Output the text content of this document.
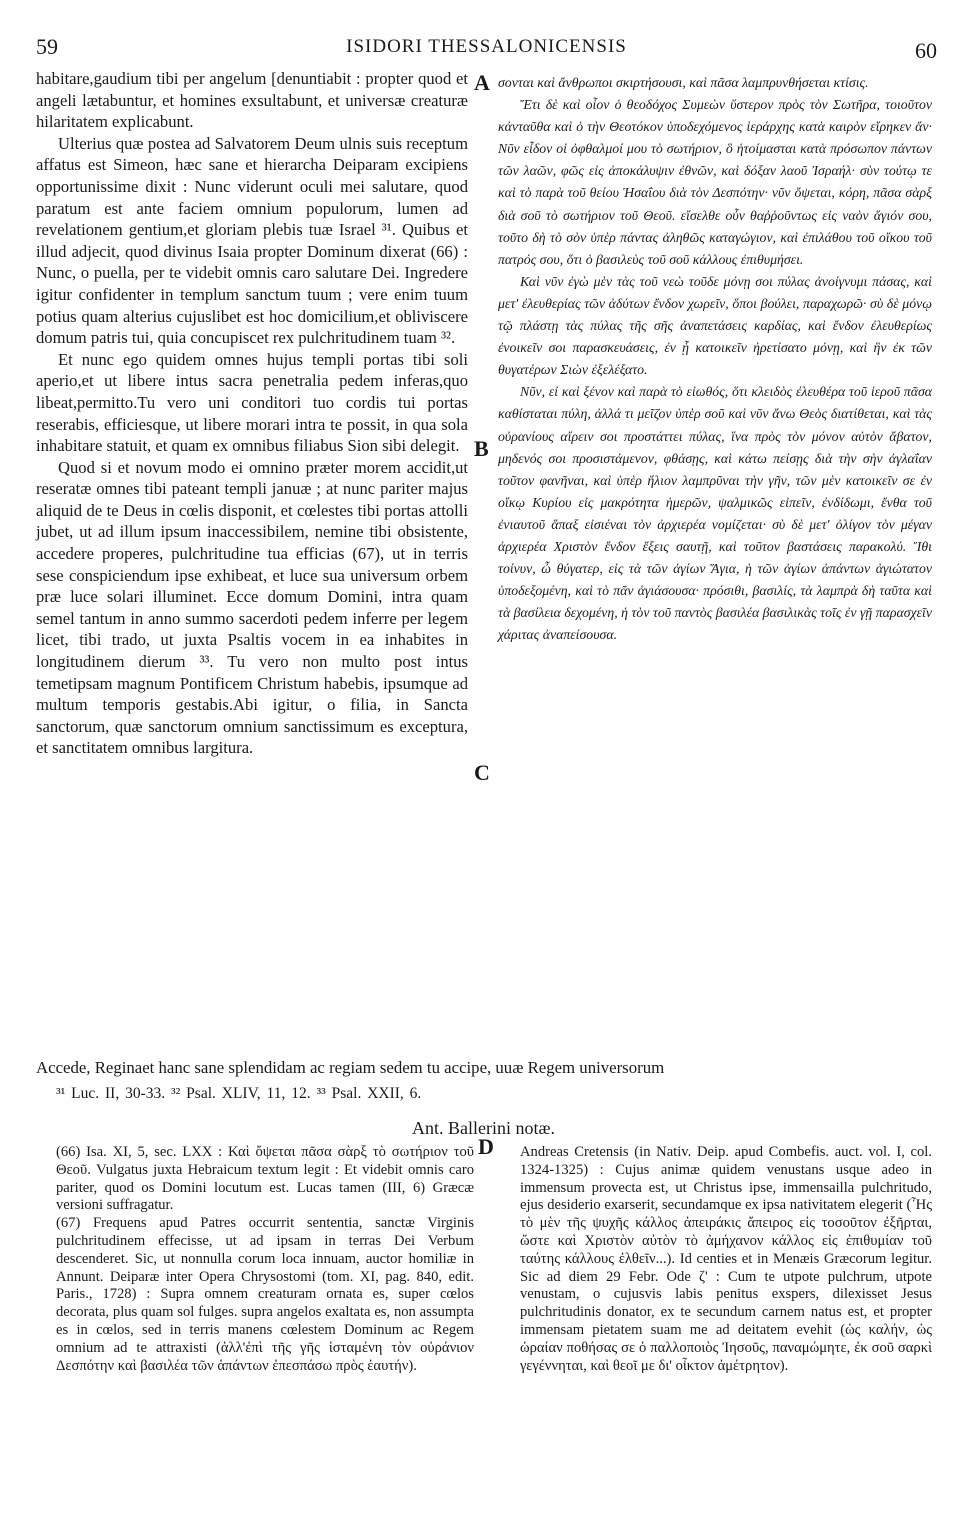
59	ISIDORI THESSALONICENSIS	60

habitare,gaudium tibi per angelum [denuntiabit : propter quod et angeli lætabuntur, et homines exsultabunt, et universæ creaturæ hilaritatem explicabunt.

Ulterius quæ postea ad Salvatorem Deum ulnis suis receptum affatus est Simeon, hæc sane et hierarcha Deiparam excipiens opportunissime dixit : Nunc viderunt oculi mei salutare, quod paratum est ante faciem omnium populorum, lumen ad revelationem gentium,et gloriam plebis tuæ Israel ³¹. Quibus et illud adjecit, quod divinus Isaia propter Dominum dixerat (66) : Nunc, o puella, per te videbit omnis caro salutare Dei. Ingredere igitur confidenter in templum sanctum tuum ; vere enim tuum potius quam alterius cujuslibet est hoc domicilium,et obliviscere domum patris tui, quia concupiscet rex pulchritudinem tuam ³².

Et nunc ego quidem omnes hujus templi portas tibi soli aperio,et ut libere intus sacra penetralia pedem inferas,quo libeat,permitto.Tu vero uni conditori tuo cordis tui portas reserabis, efficiesque, ut libere morari intra te possit, in qua sola inhabitare statuit, et quam ex omnibus filiabus Sion sibi delegit.

Quod si et novum modo ei omnino præter morem accidit,ut reseratæ omnes tibi pateant templi januæ ; at nunc pariter majus aliquid de te Deus in cœlis disponit, et cœlestes tibi portas attolli jubet, ut ad illum ipsum inaccessibilem, nemine tibi obsistente, accedere properes, pulchritudine tua efficias (67), ut in terris sese conspiciendum ipse exhibeat, et luce sua universum orbem præ luce solari illuminet. Ecce domum Domini, intra quam semel tantum in anno summo sacerdoti pedem inferre per legem licet, tibi trado, ut juxta Psaltis vocem in ea inhabites in longitudinem dierum ³³. Tu vero non multo post intus temetipsam magnum Pontificem Christum habebis, ipsumque ad multum temporis gestabis.Abi igitur, o filia, in Sancta sanctorum, quæ sanctorum omnium sanctissimum es exceptura, et sanctitatem omnibus largitura.

σονται καὶ ἄνθρωποι σκιρτήσουσι, καὶ πᾶσα λαμπρυνθήσεται κτίσις.

Ἔτι δὲ καὶ οἷον ὁ θεοδόχος Συμεὼν ὕστερον πρὸς τὸν Σωτῆρα, τοιοῦτον κἀνταῦθα καὶ ὁ τὴν Θεοτόκον ὑποδεχόμενος ἱεράρχης κατὰ καιρὸν εἴρηκεν ἄν· Νῦν εἶδον οἱ ὀφθαλμοί μου τὸ σωτήριον, ὃ ἡτοίμασται κατὰ πρόσωπον πάντων τῶν λαῶν, φῶς εἰς ἀποκάλυψιν ἐθνῶν, καὶ δόξαν λαοῦ Ἰσραήλ· σὺν τούτῳ τε καὶ τὸ παρὰ τοῦ θείου Ἡσαΐου διὰ τὸν Δεσπότην· νῦν ὄψεται, κόρη, πᾶσα σὰρξ διὰ σοῦ τὸ σωτήριον τοῦ Θεοῦ. εἴσελθε οὖν θαῤῥοῦντως εἰς ναὸν ἅγιόν σου, τοῦτο δὴ τὸ σὸν ὑπὲρ πάντας ἀληθῶς καταγώγιον, καὶ ἐπιλάθου τοῦ οἴκου τοῦ πατρός σου, ὅτι ὁ βασιλεὺς τοῦ σοῦ κάλλους ἐπιθυμήσει.

Καὶ νῦν ἐγὼ μὲν τὰς τοῦ νεὼ τοῦδε μόνῃ σοι πύλας ἀνοίγνυμι πάσας, καὶ μετ' ἐλευθερίας τῶν ἀδύτων ἔνδον χωρεῖν, ὅποι βούλει, παραχωρῶ· σὺ δὲ μόνῳ τῷ πλάστῃ τὰς πύλας τῆς σῆς ἀναπετάσεις καρδίας, καὶ ἔνδον ἐλευθερίως ἐνοικεῖν σοι παρασκευάσεις, ἐν ᾗ κατοικεῖν ἠρετίσατο μόνῃ, καὶ ἣν ἐκ τῶν θυγατέρων Σιὼν ἐξελέξατο.

Νῦν, εἰ καὶ ξένον καὶ παρὰ τὸ εἰωθός, ὅτι κλειδὸς ἐλευθέρα τοῦ ἱεροῦ πᾶσα καθίσταται πύλη, ἀλλά τι μεῖζον ὑπὲρ σοῦ καὶ νῦν ἄνω Θεὸς διατίθεται, καὶ τὰς οὐρανίους αἴρειν σοι προστάττει πύλας, ἵνα πρὸς τὸν μόνον αὐτὸν ἄβατον, μηδενός σοι προσιστάμενον, φθάσῃς, καὶ κάτω πείσῃς διὰ τὴν σὴν ἀγλαΐαν τοῦτον φανῆναι, καὶ ὑπὲρ ἥλιον λαμπρῦναι τὴν γῆν, τῶν μὲν κατοικεῖν σε ἐν οἴκῳ Κυρίου εἰς μακρότητα ἡμερῶν, ψαλμικῶς εἰπεῖν, ἐνδίδωμι, ἔνθα τοῦ ἐνιαυτοῦ ἅπαξ εἰσιέναι τὸν ἀρχιερέα νομίζεται· σὺ δὲ μετ' ὀλίγον τὸν μέγαν ἀρχιερέα Χριστὸν ἔνδον ἕξεις σαυτῇ, καὶ τοῦτον βαστάσεις παρακολύ. Ἴθι τοίνυν, ὦ θύγατερ, εἰς τὰ τῶν ἁγίων Ἅγια, ἡ τῶν ἁγίων ἁπάντων ἁγιώτατον ὑποδεξομένη, καὶ τὸ πᾶν ἁγιάσουσα· πρόσιθι, βασιλίς, τὰ λαμπρὰ δὴ ταῦτα καὶ τὰ βασίλεια δεχομένη, ἡ τὸν τοῦ παντὸς βασιλέα βασιλικὰς τοῖς ἐν γῇ παρασχεῖν χάριτας ἀναπείσουσα.

A
B
C
D
Accede, Reginaet hanc sane splendidam ac regiam sedem tu accipe, uuæ Regem universorum
³¹ Luc. II, 30-33. ³² Psal. XLIV, 11, 12. ³³ Psal. XXII, 6.
Ant. Ballerini notæ.

(66) Isa. XI, 5, sec. LXX : Καὶ ὄψεται πᾶσα σὰρξ τὸ σωτήριον τοῦ Θεοῦ. Vulgatus juxta Hebraicum textum legit : Et videbit omnis caro pariter, quod os Domini locutum est. Lucas tamen (III, 6) Græcæ versioni suffragatur.

(67) Frequens apud Patres occurrit sententia, sanctæ Virginis pulchritudinem effecisse, ut ad ipsam in terras Dei Verbum descenderet. Sic, ut nonnulla corum loca innuam, auctor homiliæ in Annunt. Deiparæ inter Opera Chrysostomi (tom. XI, pag. 840, edit. Paris., 1728) : Supra omnem creaturam ornata es, super cœlos decorata, plus quam sol fulges. supra angelos exaltata es, non assumpta es in cœlos, sed in terris manens cœlestem Dominum ac Regem omnium ad te attraxisti (ἀλλ'ἐπὶ τῆς γῆς ἱσταμένη τὸν οὐράνιον Δεσπότην καὶ βασιλέα τῶν ἁπάντων ἐπεσπάσω πρὸς ἑαυτήν).

Andreas Cretensis (in Nativ. Deip. apud Combefis. auct. vol. I, col. 1324-1325) : Cujus animæ quidem venustans usque adeo in immensum provecta est, ut Christus ipse, immensailla pulchritudo, ejus desiderio exarserit, secundamque ex ipsa nativitatem elegerit (Ἧς τὸ μὲν τῆς ψυχῆς κάλλος ἀπειράκις ἄπειρος εἰς τοσοῦτον ἐξῆρται, ὥστε καὶ Χριστὸν αὐτὸν τὸ ἀμήχανον κάλλος εἰς ἐπιθυμίαν τοῦ ταύτης κάλλους ἐλθεῖν...). Id centies et in Menæis Græcorum legitur. Sic ad diem 29 Febr. Ode ζ' : Cum te utpote pulchrum, utpote venustam, o cujusvis labis penitus exspers, dilexisset Jesus pulchritudinis donator, ex te secundum carnem natus est, et propter immensam pietatem suam me ad deitatem evehit (ὡς καλήν, ὡς ὡραίαν ποθήσας σε ὁ παλλοποιὸς Ἰησοῦς, παναμώμητε, ἐκ σοῦ σαρκὶ γεγέννηται, καὶ θεοῖ με δι' οἶκτον ἀμέτρητον).
